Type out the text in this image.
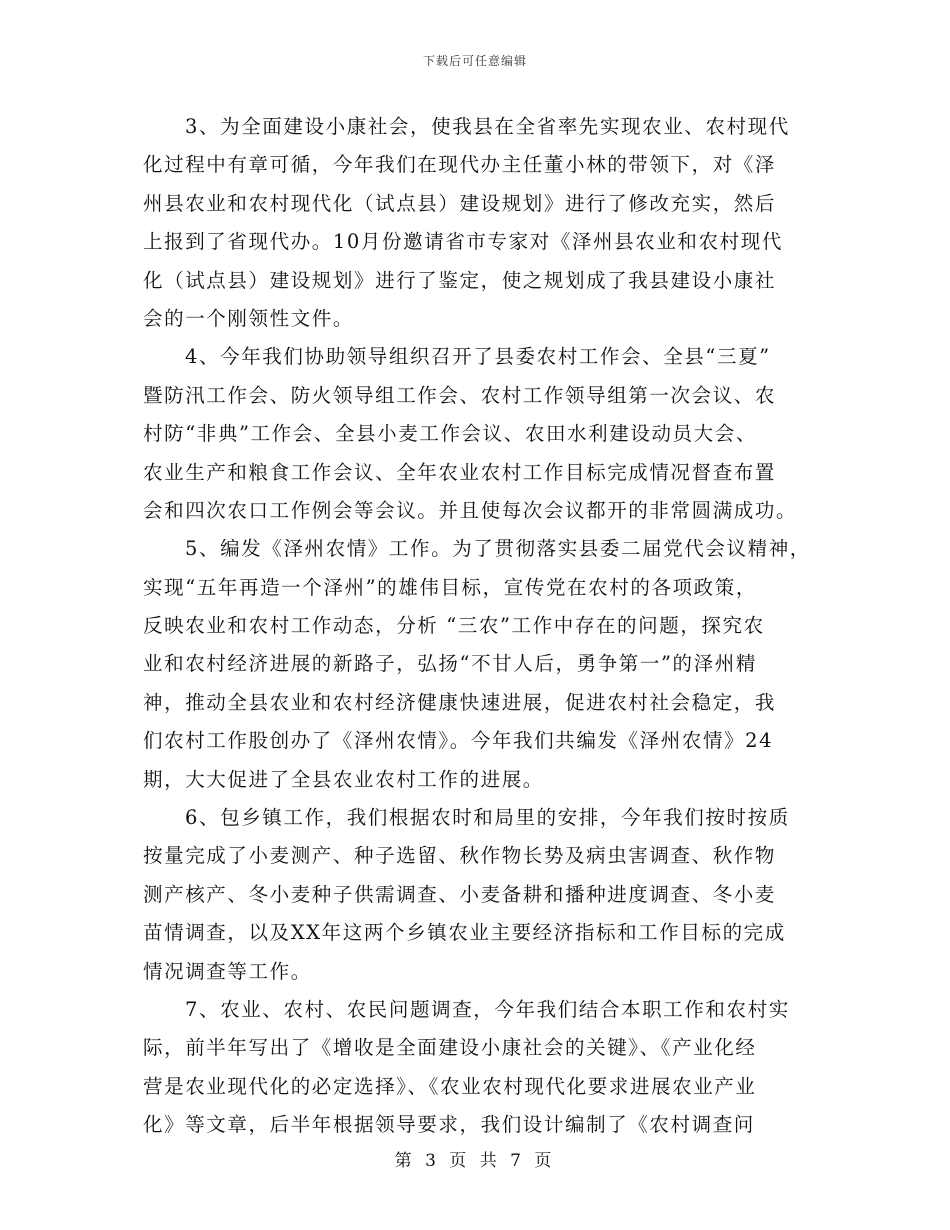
下载后可任意编辑
3、为全面建设小康社会，使我县在全省率先实现农业、农村现代
化过程中有章可循，今年我们在现代办主任董小林的带领下，对《泽
州县农业和农村现代化（试点县）建设规划》进行了修改充实，然后
上报到了省现代办。10月份邀请省市专家对《泽州县农业和农村现代
化（试点县）建设规划》进行了鉴定，使之规划成了我县建设小康社
会的一个刚领性文件。
4、今年我们协助领导组织召开了县委农村工作会、全县“三夏”
暨防汛工作会、防火领导组工作会、农村工作领导组第一次会议、农
村防“非典”工作会、全县小麦工作会议、农田水利建设动员大会、
农业生产和粮食工作会议、全年农业农村工作目标完成情况督查布置
会和四次农口工作例会等会议。并且使每次会议都开的非常圆满成功。
5、编发《泽州农情》工作。为了贯彻落实县委二届党代会议精神，
实现“五年再造一个泽州”的雄伟目标，宣传党在农村的各项政策，
反映农业和农村工作动态，分析 “三农”工作中存在的问题，探究农
业和农村经济进展的新路子，弘扬“不甘人后，勇争第一”的泽州精
神，推动全县农业和农村经济健康快速进展，促进农村社会稳定，我
们农村工作股创办了《泽州农情》。今年我们共编发《泽州农情》24
期，大大促进了全县农业农村工作的进展。
6、包乡镇工作，我们根据农时和局里的安排，今年我们按时按质
按量完成了小麦测产、种子选留、秋作物长势及病虫害调查、秋作物
测产核产、冬小麦种子供需调查、小麦备耕和播种进度调查、冬小麦
苗情调查，以及XX年这两个乡镇农业主要经济指标和工作目标的完成
情况调查等工作。
7、农业、农村、农民问题调查，今年我们结合本职工作和农村实
际，前半年写出了《增收是全面建设小康社会的关键》、《产业化经
营是农业现代化的必定选择》、《农业农村现代化要求进展农业产业
化》等文章，后半年根据领导要求，我们设计编制了《农村调查问
第 3 页 共 7 页
